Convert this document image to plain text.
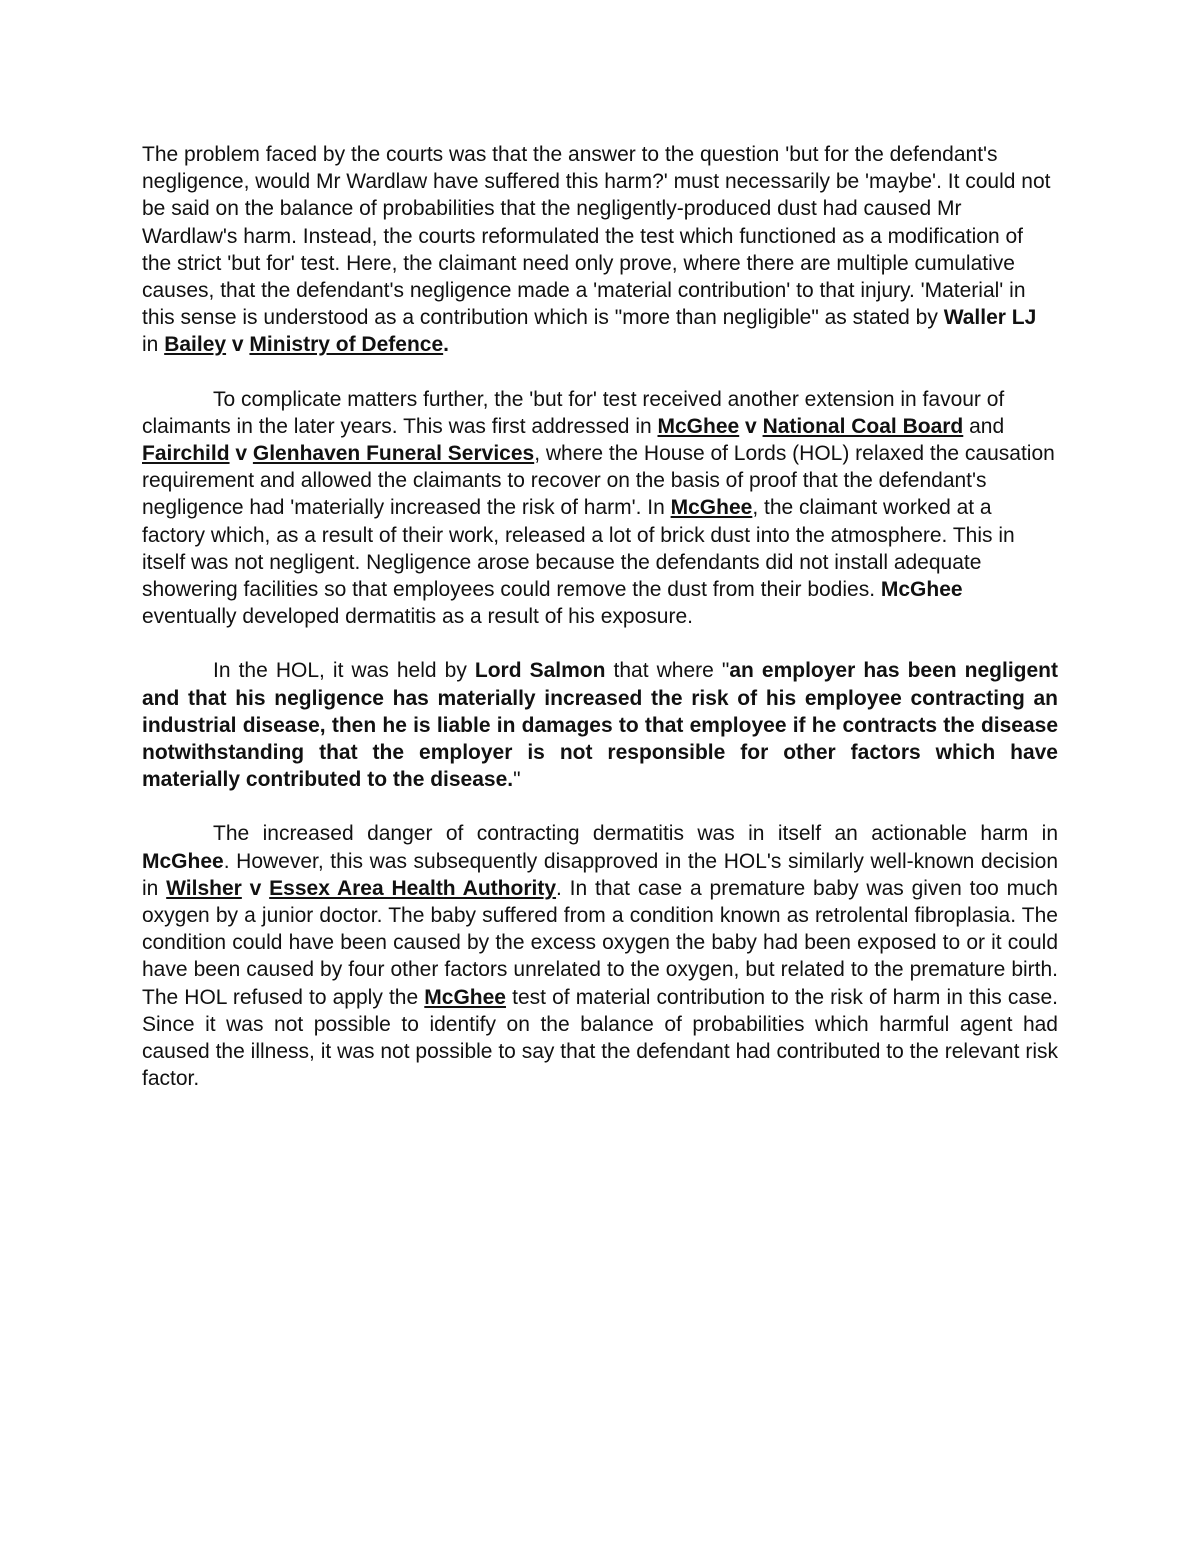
The problem faced by the courts was that the answer to the question 'but for the defendant's negligence, would Mr Wardlaw have suffered this harm?' must necessarily be 'maybe'. It could not be said on the balance of probabilities that the negligently-produced dust had caused Mr Wardlaw's harm. Instead, the courts reformulated the test which functioned as a modification of the strict 'but for' test. Here, the claimant need only prove, where there are multiple cumulative causes, that the defendant's negligence made a 'material contribution' to that injury. 'Material' in this sense is understood as a contribution which is "more than negligible" as stated by Waller LJ in Bailey v Ministry of Defence.

To complicate matters further, the 'but for' test received another extension in favour of claimants in the later years. This was first addressed in McGhee v National Coal Board and Fairchild v Glenhaven Funeral Services, where the House of Lords (HOL) relaxed the causation requirement and allowed the claimants to recover on the basis of proof that the defendant's negligence had 'materially increased the risk of harm'. In McGhee, the claimant worked at a factory which, as a result of their work, released a lot of brick dust into the atmosphere. This in itself was not negligent. Negligence arose because the defendants did not install adequate showering facilities so that employees could remove the dust from their bodies. McGhee eventually developed dermatitis as a result of his exposure.

In the HOL, it was held by Lord Salmon that where "an employer has been negligent and that his negligence has materially increased the risk of his employee contracting an industrial disease, then he is liable in damages to that employee if he contracts the disease notwithstanding that the employer is not responsible for other factors which have materially contributed to the disease."

The increased danger of contracting dermatitis was in itself an actionable harm in McGhee. However, this was subsequently disapproved in the HOL's similarly well-known decision in Wilsher v Essex Area Health Authority. In that case a premature baby was given too much oxygen by a junior doctor. The baby suffered from a condition known as retrolental fibroplasia. The condition could have been caused by the excess oxygen the baby had been exposed to or it could have been caused by four other factors unrelated to the oxygen, but related to the premature birth. The HOL refused to apply the McGhee test of material contribution to the risk of harm in this case. Since it was not possible to identify on the balance of probabilities which harmful agent had caused the illness, it was not possible to say that the defendant had contributed to the relevant risk factor.
